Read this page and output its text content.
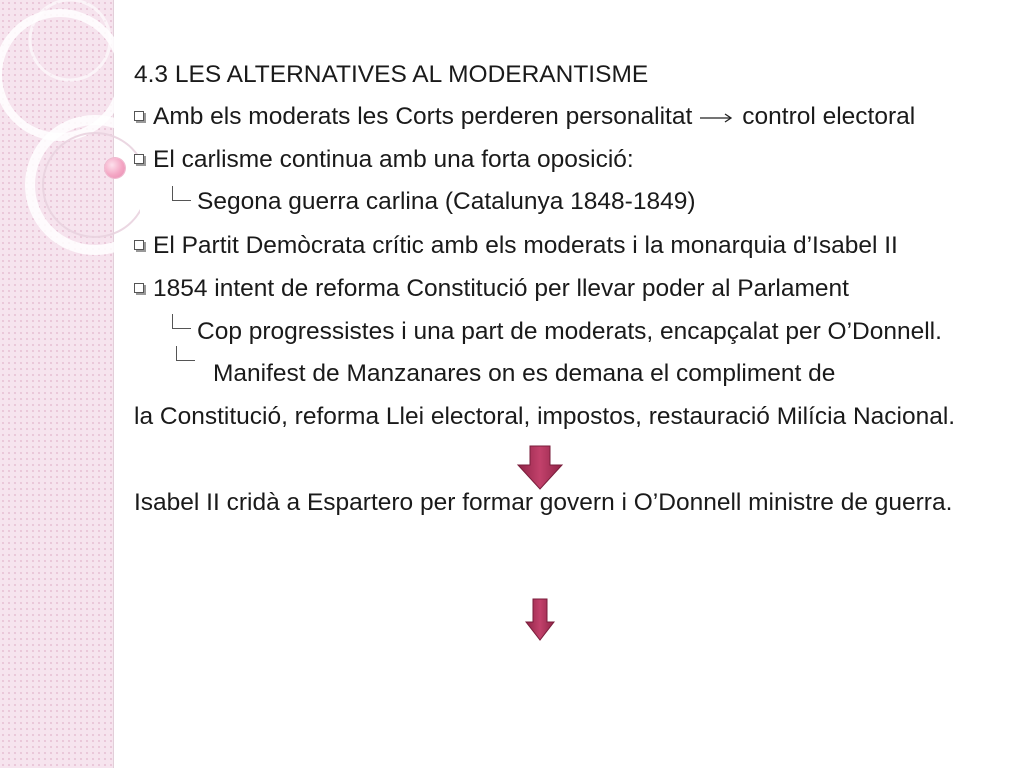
4.3 LES ALTERNATIVES AL MODERANTISME
Amb els moderats les Corts perderen personalitat control electoral
El carlisme continua amb una forta oposició:
Segona guerra carlina (Catalunya 1848-1849)
El Partit Demòcrata crític amb els moderats i la monarquia d’Isabel II
1854 intent de reforma Constitució per llevar poder al Parlament
Cop progressistes i una part de moderats, encapçalat per O’Donnell.
Manifest de Manzanares on es demana el compliment de
la Constitució, reforma Llei electoral, impostos, restauració Milícia Nacional.
Isabel II cridà a Espartero per formar govern i O’Donnell ministre de guerra.
